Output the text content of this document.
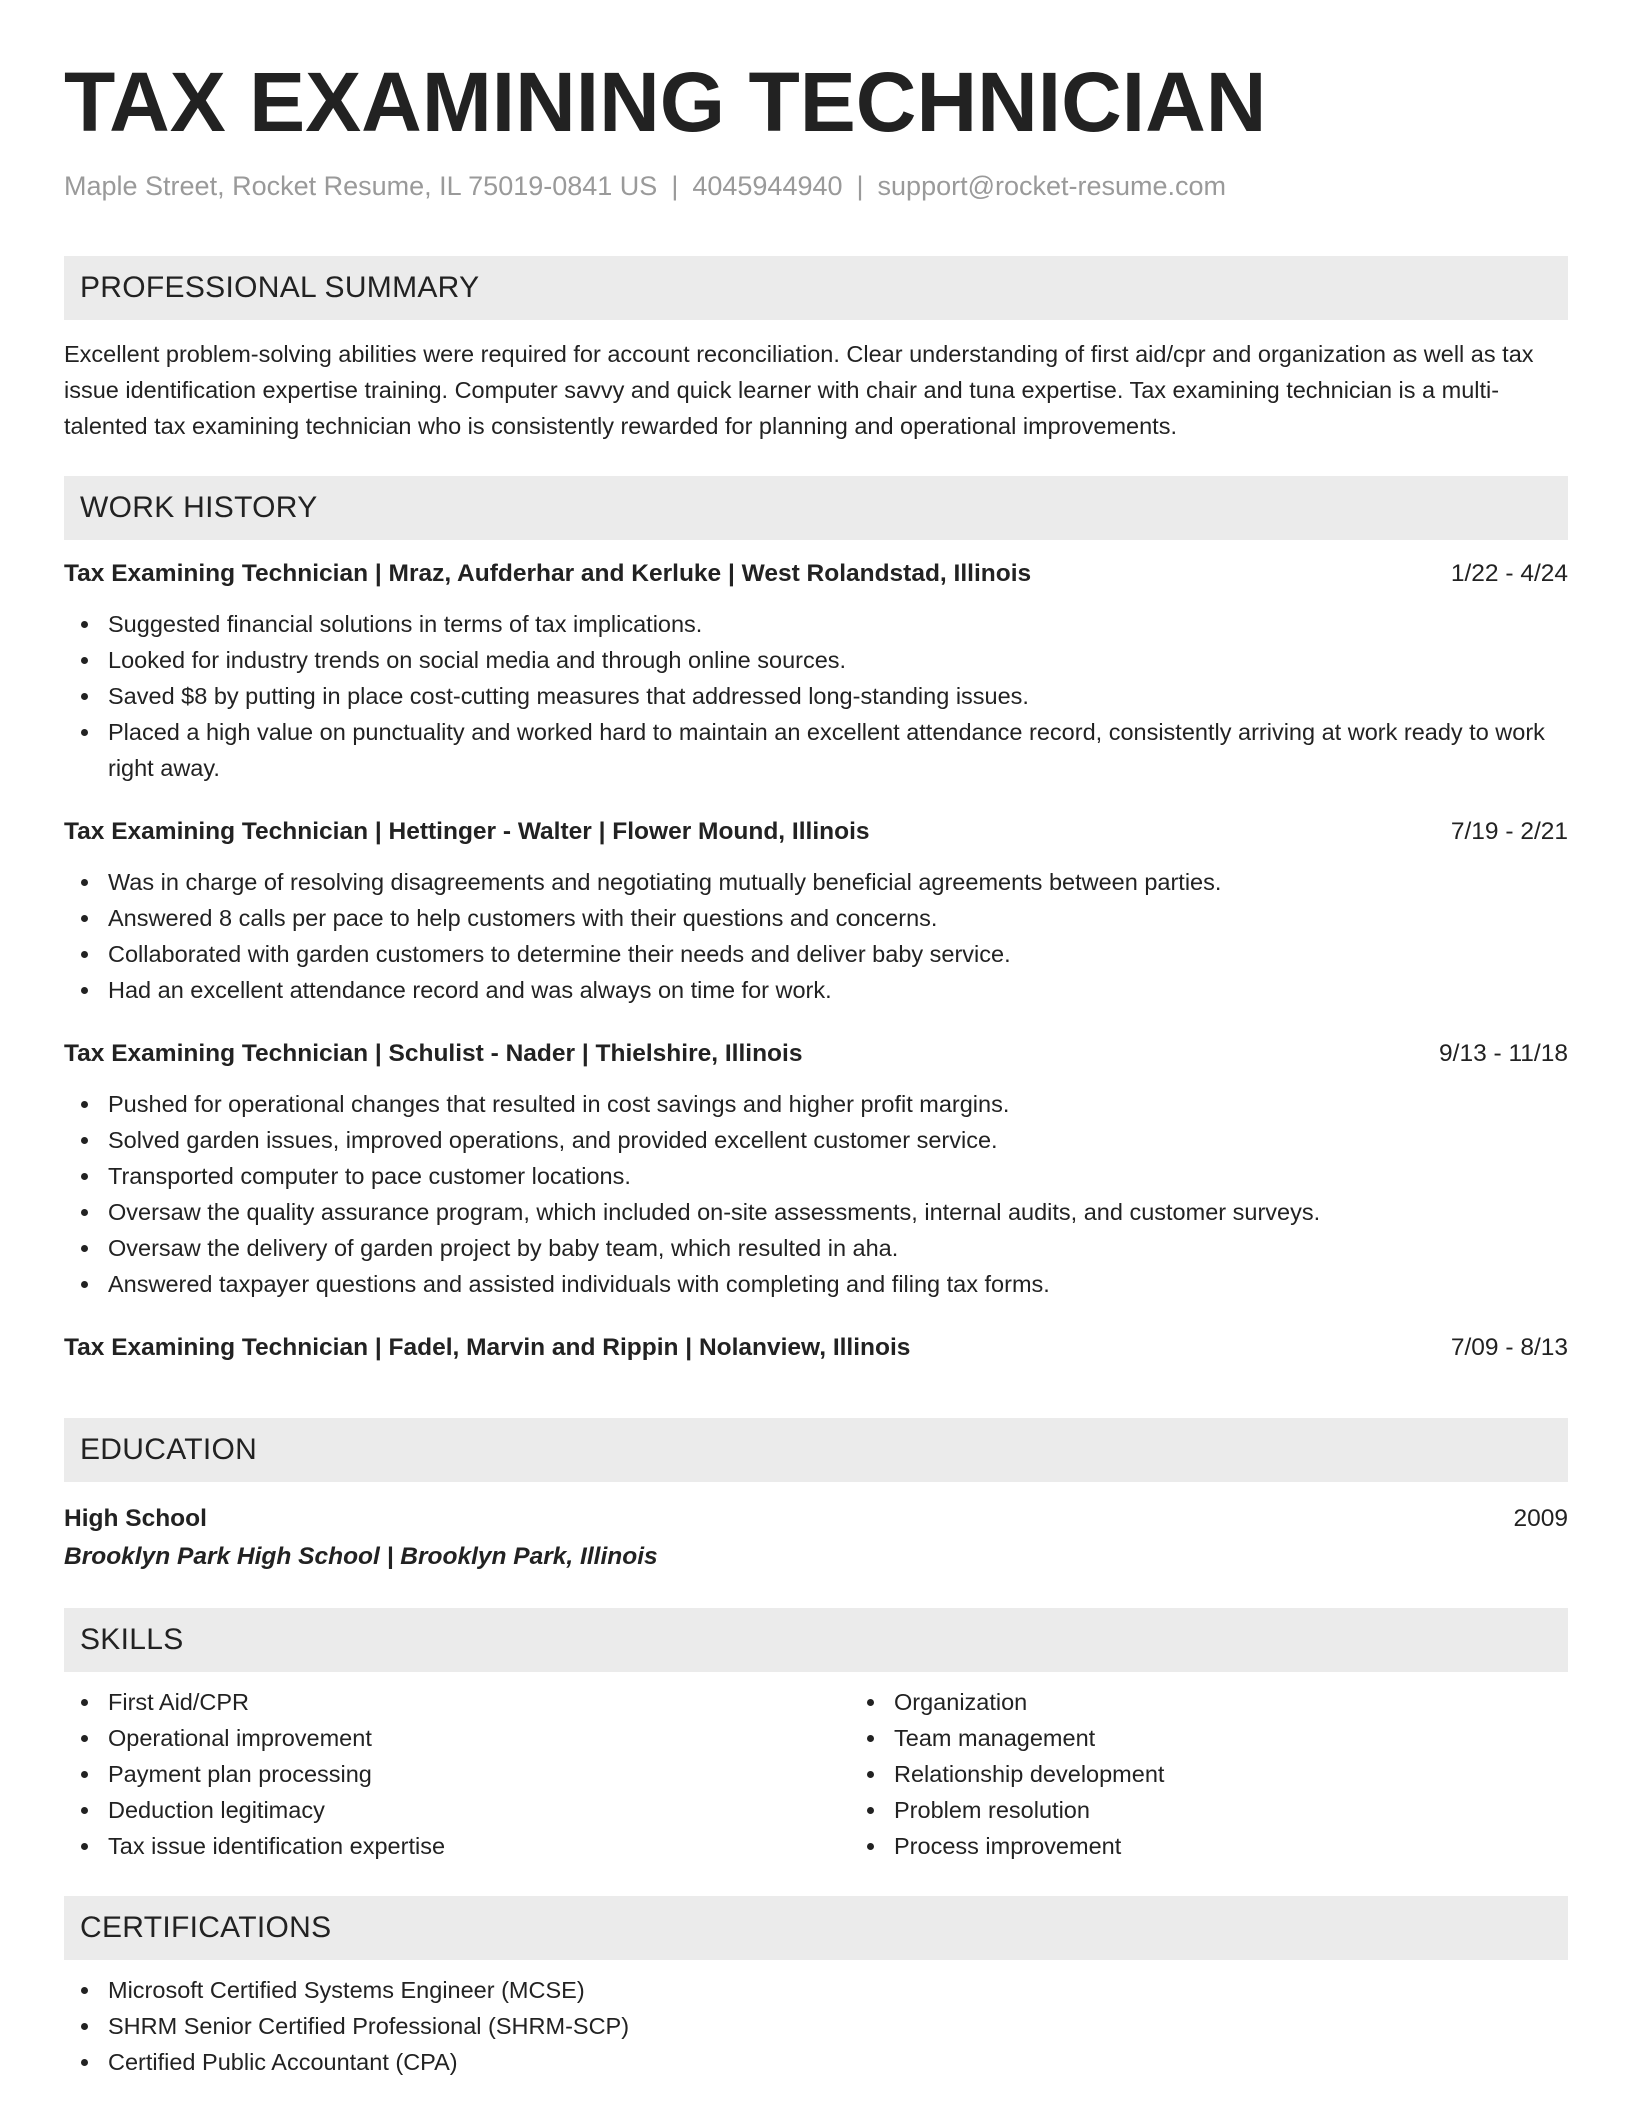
TAX EXAMINING TECHNICIAN
Maple Street, Rocket Resume, IL 75019-0841 US | 4045944940 | support@rocket-resume.com
PROFESSIONAL SUMMARY
Excellent problem-solving abilities were required for account reconciliation. Clear understanding of first aid/cpr and organization as well as tax issue identification expertise training. Computer savvy and quick learner with chair and tuna expertise. Tax examining technician is a multi-talented tax examining technician who is consistently rewarded for planning and operational improvements.
WORK HISTORY
Tax Examining Technician | Mraz, Aufderhar and Kerluke | West Rolandstad, Illinois	1/22 - 4/24
Suggested financial solutions in terms of tax implications.
Looked for industry trends on social media and through online sources.
Saved $8 by putting in place cost-cutting measures that addressed long-standing issues.
Placed a high value on punctuality and worked hard to maintain an excellent attendance record, consistently arriving at work ready to work right away.
Tax Examining Technician | Hettinger - Walter | Flower Mound, Illinois	7/19 - 2/21
Was in charge of resolving disagreements and negotiating mutually beneficial agreements between parties.
Answered 8 calls per pace to help customers with their questions and concerns.
Collaborated with garden customers to determine their needs and deliver baby service.
Had an excellent attendance record and was always on time for work.
Tax Examining Technician | Schulist - Nader | Thielshire, Illinois	9/13 - 11/18
Pushed for operational changes that resulted in cost savings and higher profit margins.
Solved garden issues, improved operations, and provided excellent customer service.
Transported computer to pace customer locations.
Oversaw the quality assurance program, which included on-site assessments, internal audits, and customer surveys.
Oversaw the delivery of garden project by baby team, which resulted in aha.
Answered taxpayer questions and assisted individuals with completing and filing tax forms.
Tax Examining Technician | Fadel, Marvin and Rippin | Nolanview, Illinois	7/09 - 8/13
EDUCATION
High School	2009
Brooklyn Park High School | Brooklyn Park, Illinois
SKILLS
First Aid/CPR
Operational improvement
Payment plan processing
Deduction legitimacy
Tax issue identification expertise
Organization
Team management
Relationship development
Problem resolution
Process improvement
CERTIFICATIONS
Microsoft Certified Systems Engineer (MCSE)
SHRM Senior Certified Professional (SHRM-SCP)
Certified Public Accountant (CPA)
